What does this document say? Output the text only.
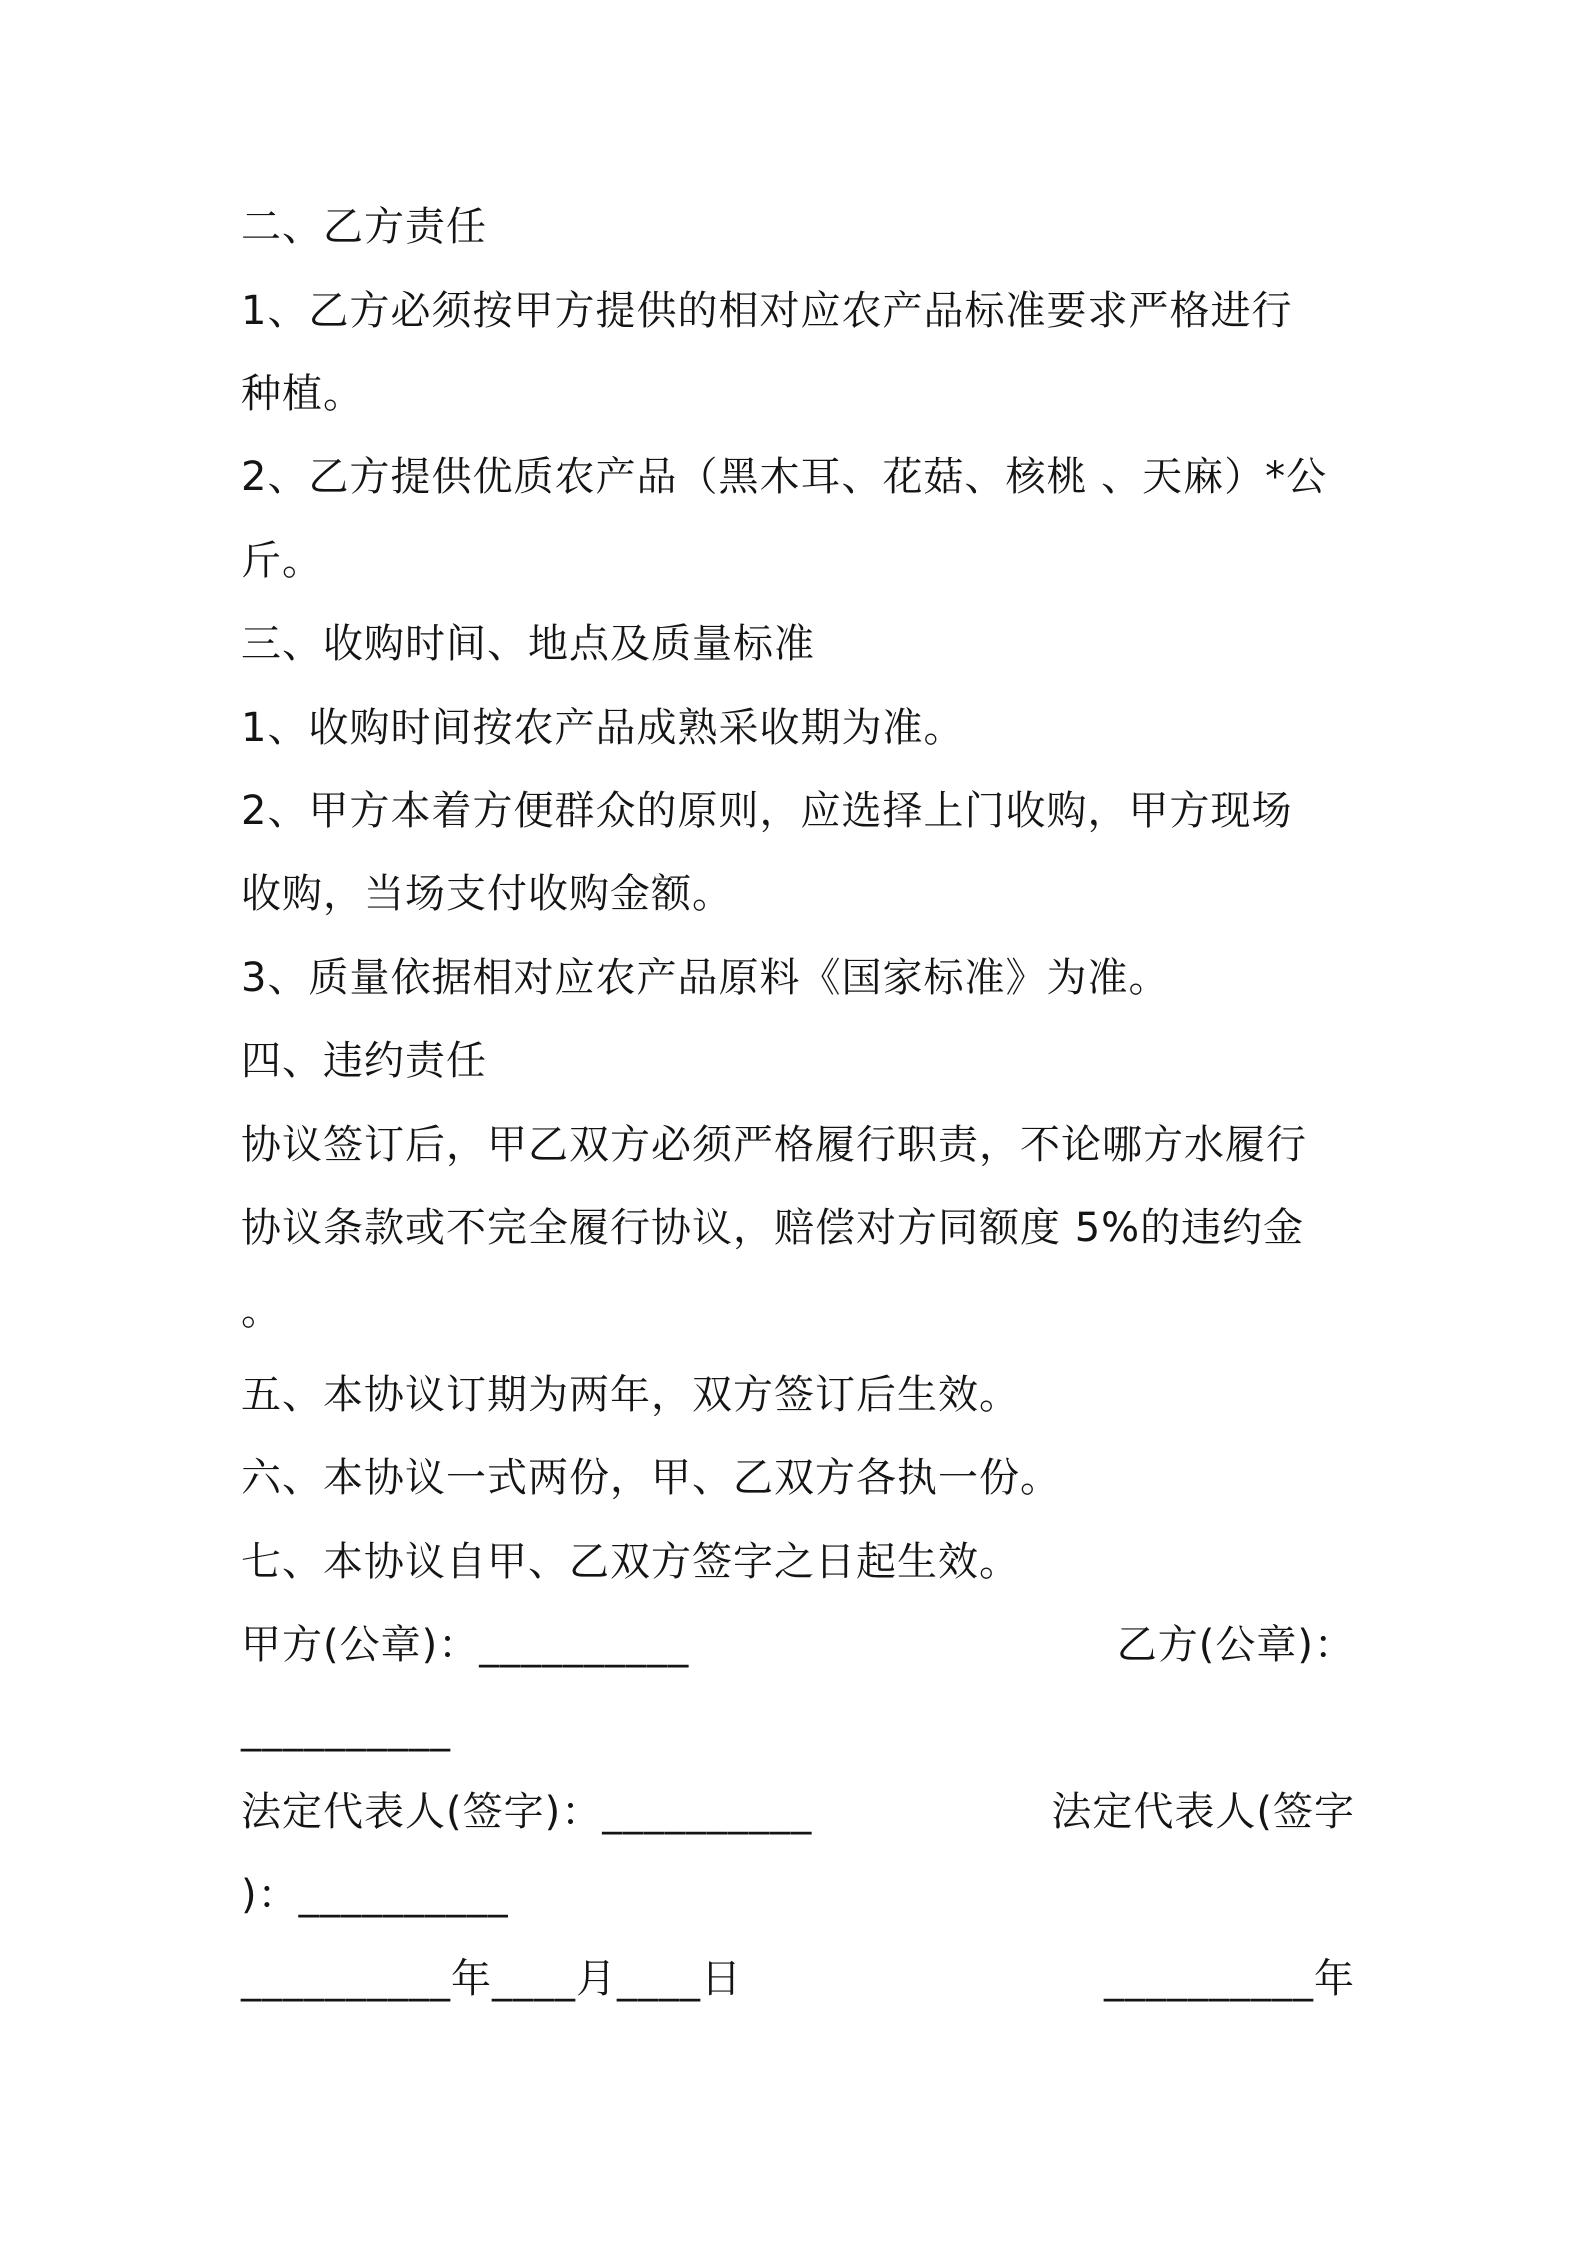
二、乙方责任
1、乙方必须按甲方提供的相对应农产品标准要求严格进行
种植。
2、乙方提供优质农产品（黑木耳、花菇、核桃 、天麻）*公
斤。
三、收购时间、地点及质量标准
1、收购时间按农产品成熟采收期为准。
2、甲方本着方便群众的原则，应选择上门收购，甲方现场
收购，当场支付收购金额。
3、质量依据相对应农产品原料《国家标准》为准。
四、违约责任
协议签订后，甲乙双方必须严格履行职责，不论哪方水履行
协议条款或不完全履行协议，赔偿对方同额度 5%的违约金
。
五、本协议订期为两年，双方签订后生效。
六、本协议一式两份，甲、乙双方各执一份。
七、本协议自甲、乙双方签字之日起生效。
甲方(公章)：__________	乙方(公章)：
__________
法定代表人(签字)：__________	法定代表人(签字
)：__________
__________年____月____日	__________年
